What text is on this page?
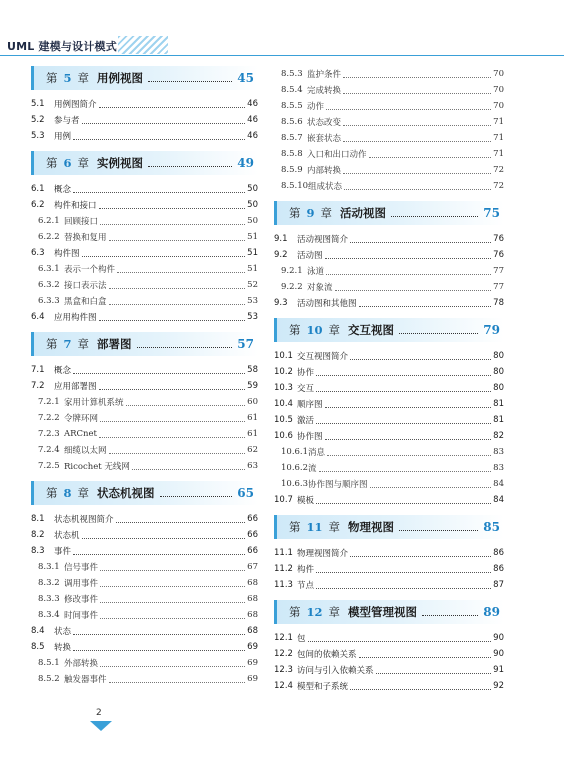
UML 建模与设计模式
第 5 章 用例视图	45
5.1	用例图简介	46
5.2	参与者	46
5.3	用例	46
第 6 章 实例视图	49
6.1	概念	50
6.2	构件和接口	50
6.2.1 回顾接口	50
6.2.2 替换和复用	51
6.3	构件图	51
6.3.1 表示一个构件	51
6.3.2 接口表示法	52
6.3.3 黑盒和白盒	53
6.4	应用构件图	53
第 7 章 部署图	57
7.1	概念	58
7.2	应用部署图	59
7.2.1 家用计算机系统	60
7.2.2 令牌环网	61
7.2.3 ARCnet	61
7.2.4 细缆以太网	62
7.2.5 Ricochet 无线网	63
第 8 章 状态机视图	65
8.1	状态机视图简介	66
8.2	状态机	66
8.3	事件	66
8.3.1 信号事件	67
8.3.2 调用事件	68
8.3.3 修改事件	68
8.3.4 时间事件	68
8.4	状态	68
8.5	转换	69
8.5.1 外部转换	69
8.5.2 触发器事件	69
8.5.3 监护条件	70
8.5.4 完成转换	70
8.5.5 动作	70
8.5.6 状态改变	71
8.5.7 嵌套状态	71
8.5.8 入口和出口动作	71
8.5.9 内部转换	72
8.5.10 组成状态	72
第 9 章 活动视图	75
9.1	活动视图简介	76
9.2	活动图	76
9.2.1 泳道	77
9.2.2 对象流	77
9.3	活动图和其他图	78
第 10 章 交互视图	79
10.1 交互视图简介	80
10.2 协作	80
10.3 交互	80
10.4 顺序图	81
10.5 激活	81
10.6 协作图	82
10.6.1 消息	83
10.6.2 流	83
10.6.3 协作图与顺序图	84
10.7 模板	84
第 11 章 物理视图	85
11.1 物理视图简介	86
11.2 构件	86
11.3 节点	87
第 12 章 模型管理视图	89
12.1 包	90
12.2 包间的依赖关系	90
12.3 访问与引入依赖关系	91
12.4 模型和子系统	92
2
